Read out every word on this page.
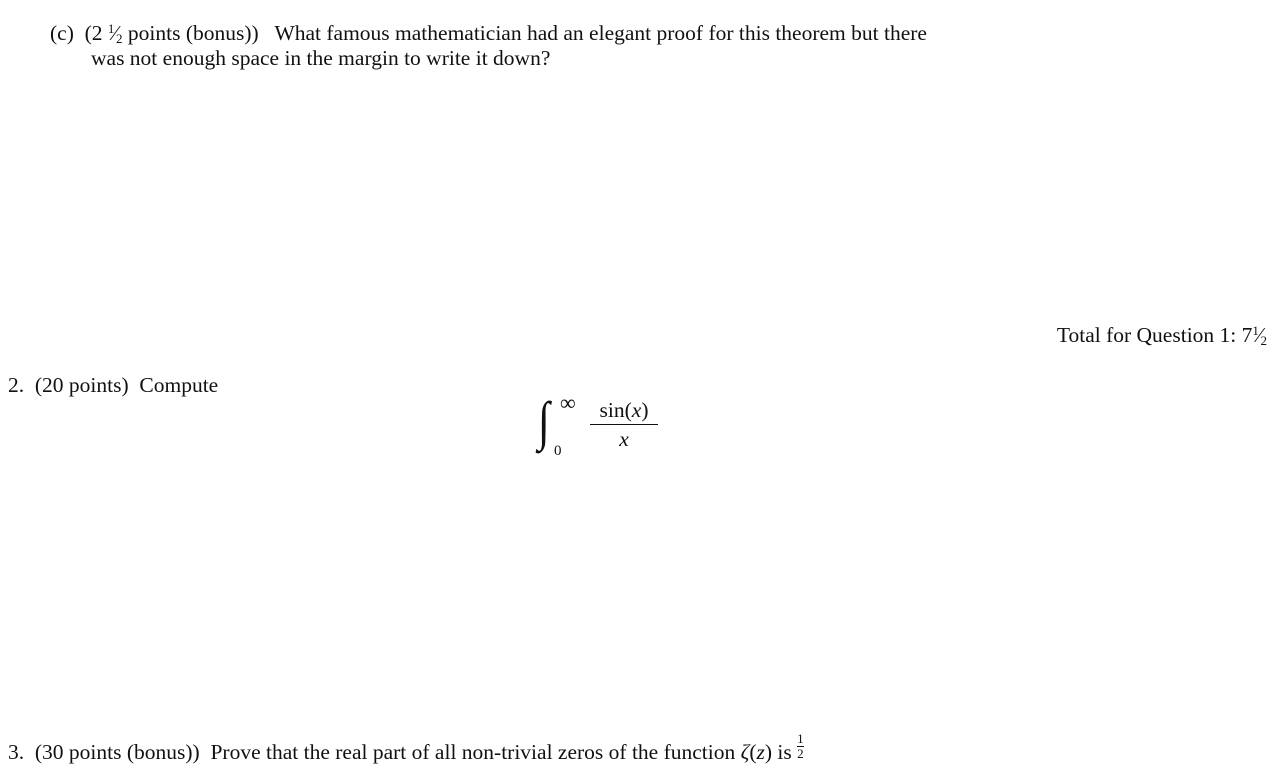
(c) (2 $^1⁄_2$ points (bonus)) What famous mathematician had an elegant proof for this theorem but there
was not enough space in the margin to write it down?
Total for Question 1: $7^1⁄_2$
2. (20 points) Compute
∫ ∞
0
sin(x)
x
3. (30 points (bonus)) Prove that the real part of all non-trivial zeros of the function ζ(z) is $\frac{1}{2}$
